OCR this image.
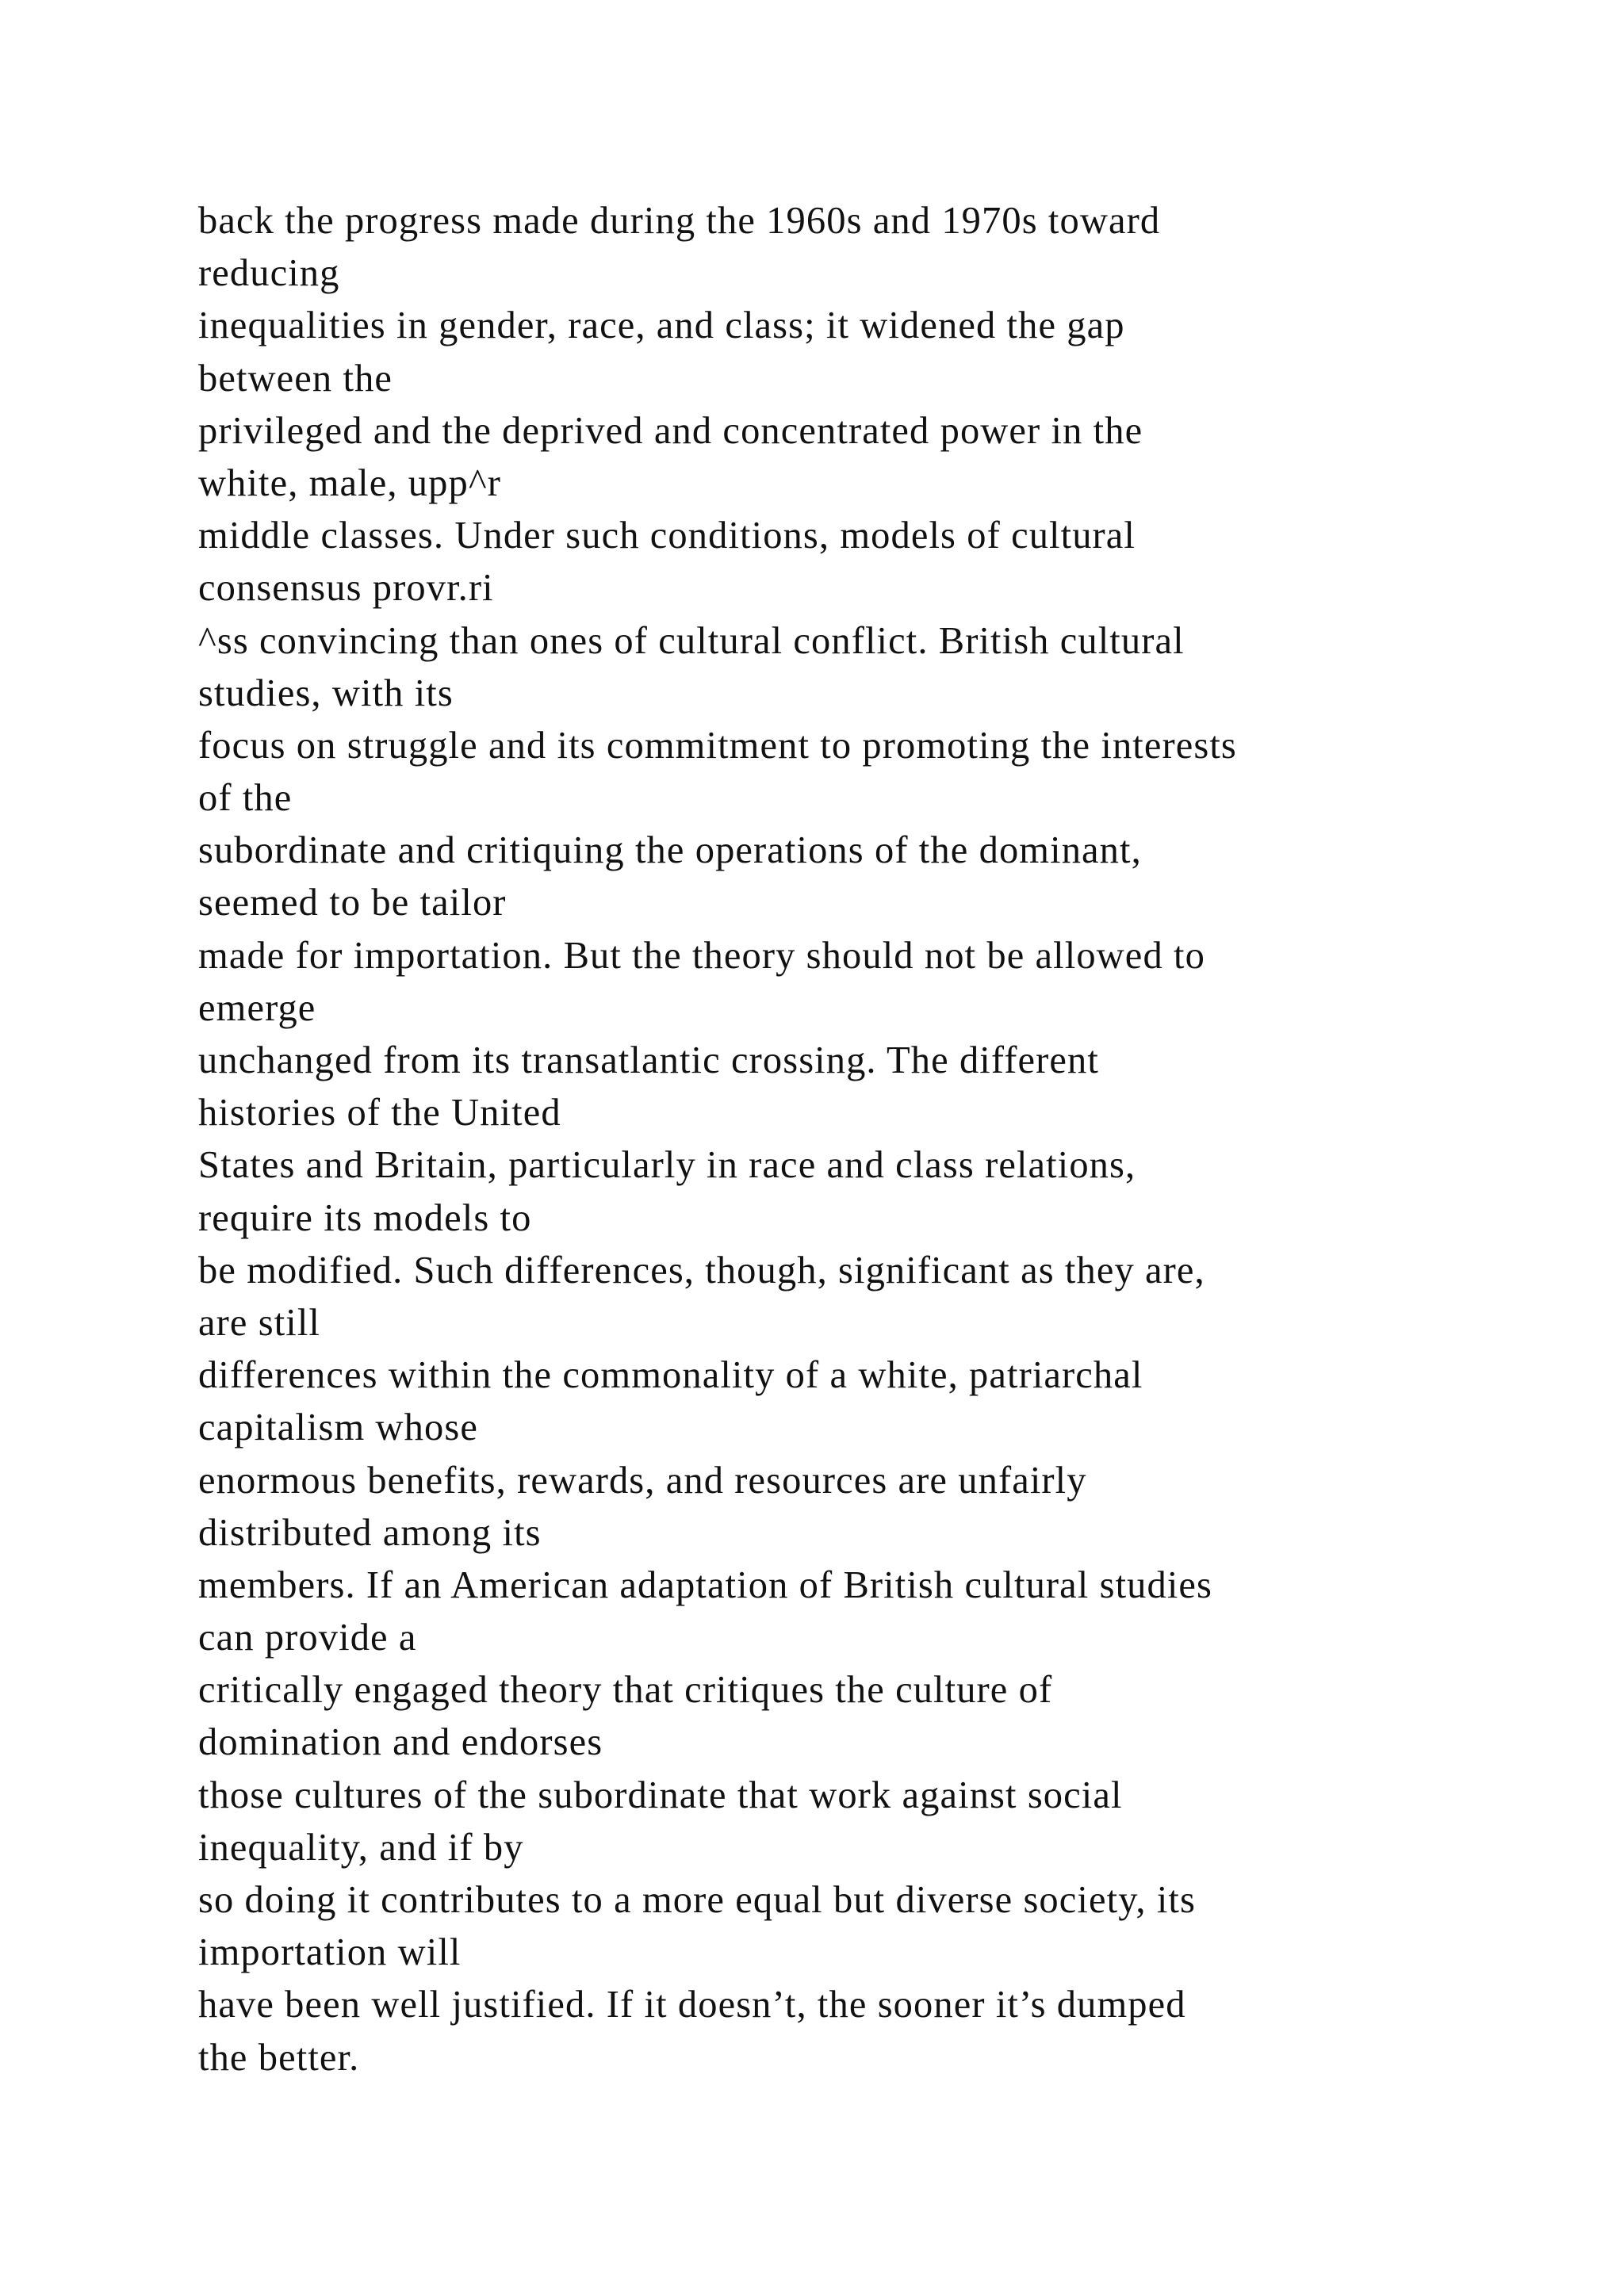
back the progress made during the 1960s and 1970s toward
reducing
inequalities in gender, race, and class; it widened the gap
between the
privileged and the deprived and concentrated power in the
white, male, upp^r
middle classes. Under such conditions, models of cultural
consensus provr.ri
^ss convincing than ones of cultural conflict. British cultural
studies, with its
focus on struggle and its commitment to promoting the interests
of the
subordinate and critiquing the operations of the dominant,
seemed to be tailor
made for importation. But the theory should not be allowed to
emerge
unchanged from its transatlantic crossing. The different
histories of the United
States and Britain, particularly in race and class relations,
require its models to
be modified. Such differences, though, significant as they are,
are still
differences within the commonality of a white, patriarchal
capitalism whose
enormous benefits, rewards, and resources are unfairly
distributed among its
members. If an American adaptation of British cultural studies
can provide a
critically engaged theory that critiques the culture of
domination and endorses
those cultures of the subordinate that work against social
inequality, and if by
so doing it contributes to a more equal but diverse society, its
importation will
have been well justified. If it doesn’t, the sooner it’s dumped
the better.
